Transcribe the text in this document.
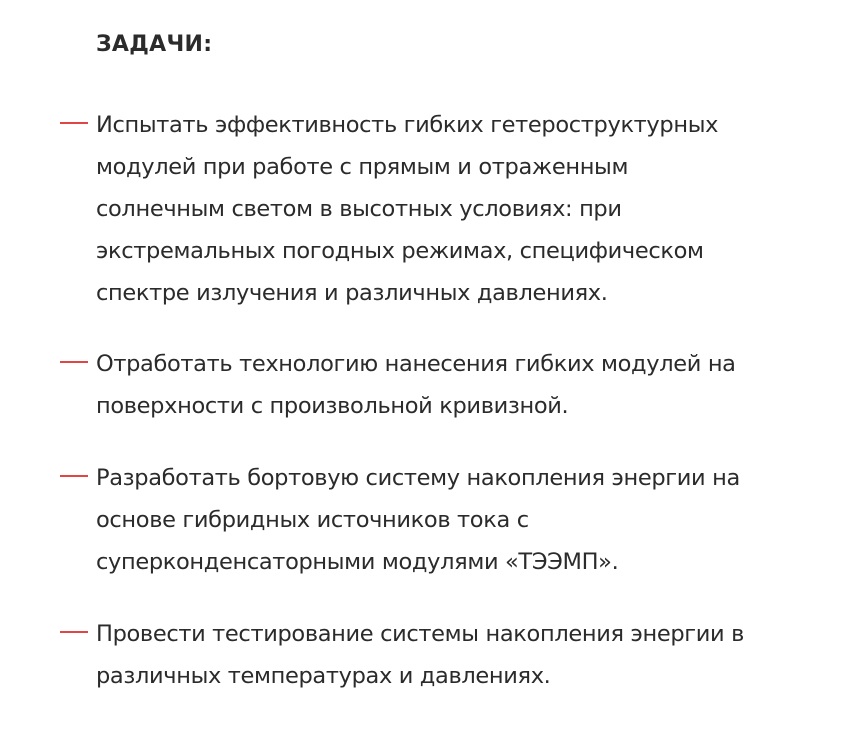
ЗАДАЧИ:
Испытать эффективность гибких гетероструктурных
модулей при работе с прямым и отраженным
солнечным светом в высотных условиях: при
экстремальных погодных режимах, специфическом
спектре излучения и различных давлениях.
Отработать технологию нанесения гибких модулей на
поверхности с произвольной кривизной.
Разработать бортовую систему накопления энергии на
основе гибридных источников тока с
суперконденсаторными модулями «ТЭЭМП».
Провести тестирование системы накопления энергии в
различных температурах и давлениях.
